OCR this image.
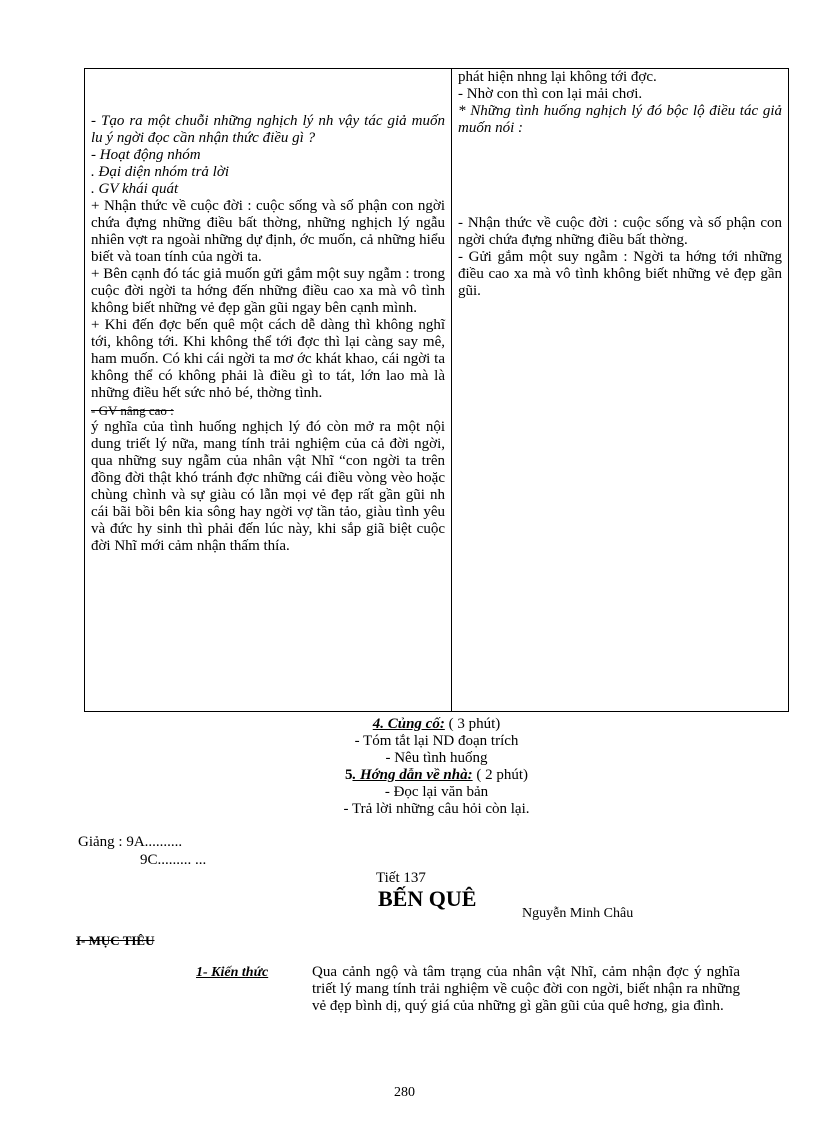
- Tạo ra một chuỗi những nghịch lý nh vậy tác giả muốn lu ý ngời đọc cần nhận thức điều gì ?

- Hoạt động nhóm

. Đại diện nhóm trả lời

. GV khái quát

+ Nhận thức về cuộc đời : cuộc sống và số phận con ngời chứa đựng những điều bất thờng, những nghịch lý ngẫu nhiên vợt ra ngoài những dự định, ớc muốn, cả những hiểu biết và toan tính của ngời ta.

+ Bên cạnh đó tác giả muốn gửi gắm một suy ngẫm : trong cuộc đời ngời ta hớng đến những điều cao xa mà vô tình không biết những vẻ đẹp gần gũi ngay bên cạnh mình.

+ Khi đến đợc bến quê một cách dễ dàng thì không nghĩ tới, không tới. Khi không thể tới đợc thì lại càng say mê, ham muốn. Có khi cái ngời ta mơ ớc khát khao, cái ngời ta không thể có không phải là điều gì to tát, lớn lao mà là những điều hết sức nhỏ bé, thờng tình.

- GV nâng cao :

ý nghĩa của tình huống nghịch lý đó còn mở ra một nội dung triết lý nữa, mang tính trải nghiệm của cả đời ngời, qua những suy ngẫm của nhân vật Nhĩ “con ngời ta trên đồng đời thật khó tránh đợc những cái điều vòng vèo hoặc chùng chình và sự giàu có lẫn mọi vẻ đẹp rất gần gũi nh cái bãi bồi bên kia sông hay ngời vợ tần tảo, giàu tình yêu và đức hy sinh thì phải đến lúc này, khi sắp giã biệt cuộc đời Nhĩ mới cảm nhận thấm thía.

phát hiện nhng lại không tới đợc.

- Nhờ con thì con lại mải chơi.

* Những tình huống nghịch lý đó bộc lộ điều tác giả muốn nói :

- Nhận thức về cuộc đời : cuộc sống và số phận con ngời chứa đựng những điều bất thờng.

- Gửi gắm một suy ngẫm : Ngời ta hớng tới những điều cao xa mà vô tình không biết những vẻ đẹp gần gũi.

4. Củng cố: ( 3 phút)
- Tóm tắt lại ND đoạn trích
- Nêu tình huống
5. Hớng dẫn về nhà: ( 2 phút)
- Đọc lại văn bản
- Trả lời những câu hỏi còn lại.
Giảng : 9A..........
9C......... ...
Tiết 137
BẾN QUÊ
Nguyễn Minh Châu
I- MỤC TIÊU
1- Kiến thức	Qua cảnh ngộ và tâm trạng của nhân vật Nhĩ, cảm nhận đợc ý nghĩa triết lý mang tính trải nghiệm về cuộc đời con ngời, biết nhận ra những vẻ đẹp bình dị, quý giá của những gì gần gũi của quê hơng, gia đình.
280
